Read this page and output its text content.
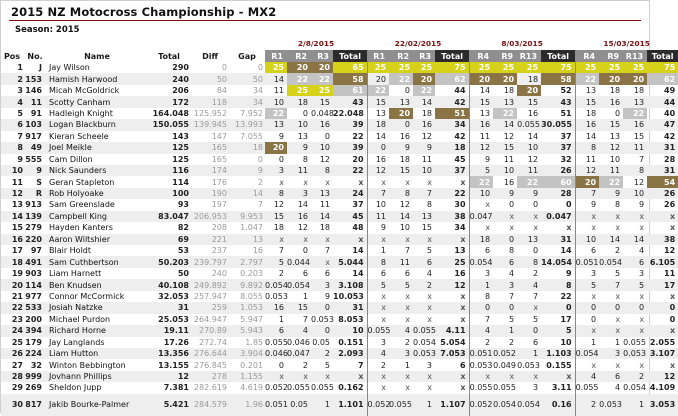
2015 NZ Motocross Championship - MX2
Season: 2015
						2/8/2015				22/02/2015				8/03/2015				15/03/2015			
Pos	No.	Name	Total	Diff	Gap	R1	R2	R3	Total	R1	R2	R3	Total	R4	R9	R13	Total	R4	R9	R13	Total
1	J	Jay Wilson	290	0	0	25	20	20	65	25	25	25	75	25	25	25	75	25	25	25	75
2	153	Hamish Harwood	240	50	50	14	22	22	58	20	22	20	62	20	20	18	58	22	20	20	62
3	146	Micah McGoldrick	206	84	34	11	25	25	61	22	0	22	44	14	18	20	52	13	18	18	49
4	11	Scotty Canham	172	118	34	10	18	15	43	15	13	14	42	15	13	15	43	15	16	13	44
5	91	Hadleigh Knight	164.048	125.952	7.952	22	0	0.048	22.048	13	20	18	51	13	22	16	51	18	0	22	40
6	103	Logan Blackburn	150.055	139.945	13.993	13	10	16	39	18	0	16	34	16	14	0.055	30.055	16	15	16	47
7	917	Kieran Scheele	143	147	7.055	9	13	0	22	14	16	12	42	11	12	14	37	14	13	15	42
8	49	Joel Meikle	125	165	18	20	9	10	39	0	9	9	18	12	15	10	37	8	12	11	31
9	555	Cam Dillon	125	165	0	0	8	12	20	16	18	11	45	9	11	12	32	11	10	7	28
10	9	Nick Saunders	116	174	9	3	11	8	22	12	15	10	37	5	10	11	26	12	11	8	31
11	S	Geran Stapleton	114	176	2	x	x	x	x	x	x	x	x	22	16	22	60	20	22	12	54
12	R	Rob Holyoake	100	190	14	8	3	13	24	7	8	7	22	10	9	9	28	7	9	10	26
13	913	Sam Greenslade	93	197	7	12	14	11	37	10	12	8	30	x	0	0	0	9	8	9	26
14	139	Campbell King	83.047	206.953	9.953	15	16	14	45	11	14	13	38	0.047	x	x	0.047	x	x	x	x
15	279	Hayden Kanters	82	208	1.047	18	12	18	48	9	10	15	34	x	x	x	x	x	x	x	x
16	220	Aaron Wiltshier	69	221	13	x	x	x	x	x	x	x	x	18	0	13	31	10	14	14	38
17	97	Blair Holdt	53	237	16	7	0	7	14	1	7	5	13	6	8	0	14	6	2	4	12
18	491	Sam Cuthbertson	50.203	239.797	2.797	5	0.044	x	5.044	8	11	6	25	0.054	6	8	14.054	0.051	0.054	6	6.105
19	903	Liam Harnett	50	240	0.203	2	6	6	14	6	6	4	16	3	4	2	9	3	5	3	11
20	114	Ben Knudsen	40.108	249.892	9.892	0.054	0.054	3	3.108	5	5	2	12	1	3	4	8	5	7	5	17
21	977	Connor McCormick	32.053	257.947	8.055	0.053	1	9	10.053	x	x	x	x	8	7	7	22	x	x	x	x
22	533	Josiah Natzke	31	259	1.053	16	15	0	31	x	x	x	x	0	0	x	0	0	0	0	0
23	200	Michael Purdon	25.053	264.947	5.947	1	7	0.053	8.053	x	x	x	x	7	5	5	17	0	x	x	0
24	394	Richard Horne	19.11	270.89	5.943	6	4	0	10	0.055	4	0.055	4.11	4	1	0	5	x	x	x	x
25	179	Jay Langlands	17.26	272.74	1.85	0.055	0.046	0.05	0.151	3	2	0.054	5.054	2	2	6	10	1	1	0.055	2.055
26	224	Liam Hutton	13.356	276.644	3.904	0.046	0.047	2	2.093	4	3	0.053	7.053	0.051	0.052	1	1.103	0.054	3	0.053	3.107
27	32	Winton Bebbington	13.155	276.845	0.201	0	2	5	7	2	1	3	6	0.053	0.049	0.053	0.155	x	x	x	x
28	999	Jovhann Phillips	12	278	1.155	x	x	x	x	x	x	x	x	x	x	x	x	4	6	2	12
29	269	Sheldon Jupp	7.381	282.619	4.619	0.052	0.055	0.055	0.162	x	x	x	x	0.055	0.055	3	3.11	0.055	4	0.054	4.109
30	817	Jakib Bourke-Palmer	5.421	284.579	1.96	0.051	0.05	1	1.101	0.052	0.055	1	1.107	0.052	0.054	0.054	0.16	2	0.053	1	3.053
